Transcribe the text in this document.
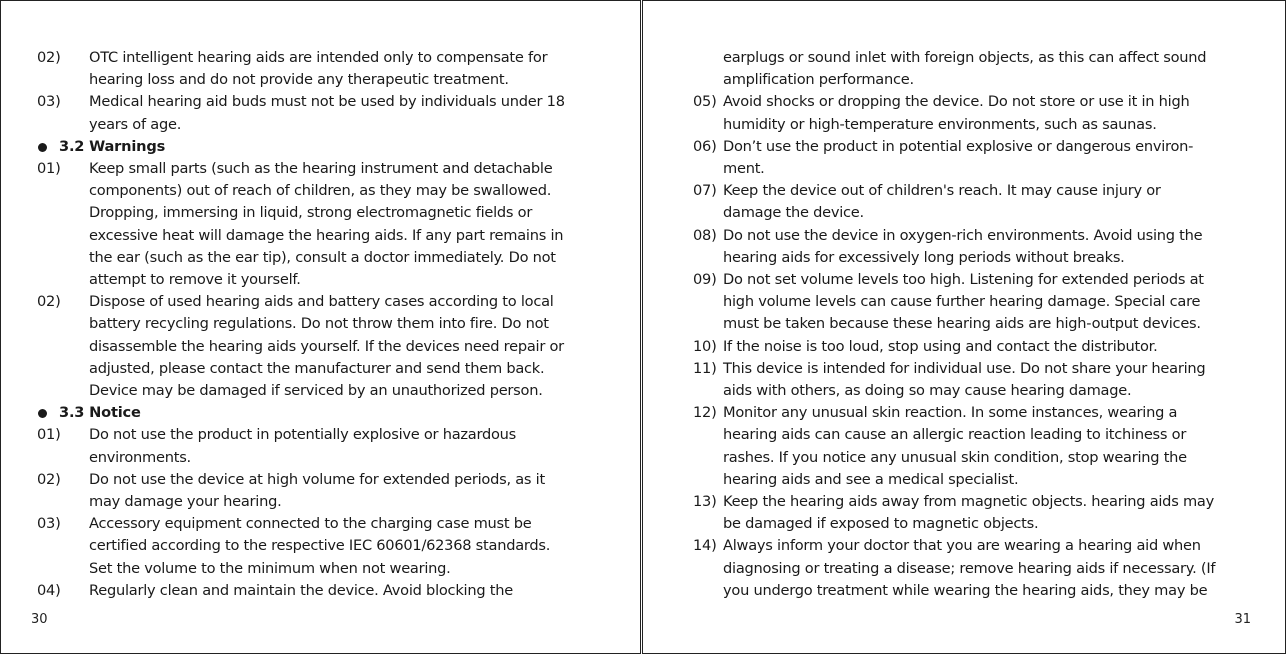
02)	OTC intelligent hearing aids are intended only to compensate for
hearing loss and do not provide any therapeutic treatment.
03)	Medical hearing aid buds must not be used by individuals under 18
years of age.
3.2 Warnings
01)	Keep small parts (such as the hearing instrument and detachable
components) out of reach of children, as they may be swallowed.
Dropping, immersing in liquid, strong electromagnetic fields or
excessive heat will damage the hearing aids. If any part remains in
the ear (such as the ear tip), consult a doctor immediately. Do not
attempt to remove it yourself.
02)	Dispose of used hearing aids and battery cases according to local
battery recycling regulations. Do not throw them into fire. Do not
disassemble the hearing aids yourself. If the devices need repair or
adjusted, please contact the manufacturer and send them back.
Device may be damaged if serviced by an unauthorized person.
3.3 Notice
01)	Do not use the product in potentially explosive or hazardous
environments.
02)	Do not use the device at high volume for extended periods, as it
may damage your hearing.
03)	Accessory equipment connected to the charging case must be
certified according to the respective IEC 60601/62368 standards.
Set the volume to the minimum when not wearing.
04)	Regularly clean and maintain the device. Avoid blocking the
30
earplugs or sound inlet with foreign objects, as this can affect sound
amplification performance.
05) Avoid shocks or dropping the device. Do not store or use it in high
humidity or high-temperature environments, such as saunas.
06) Don’t use the product in potential explosive or dangerous environ-
ment.
07) Keep the device out of children's reach. It may cause injury or
damage the device.
08) Do not use the device in oxygen-rich environments. Avoid using the
hearing aids for excessively long periods without breaks.
09) Do not set volume levels too high. Listening for extended periods at
high volume levels can cause further hearing damage. Special care
must be taken because these hearing aids are high-output devices.
10) If the noise is too loud, stop using and contact the distributor.
11) This device is intended for individual use. Do not share your hearing
aids with others, as doing so may cause hearing damage.
12) Monitor any unusual skin reaction. In some instances, wearing a
hearing aids can cause an allergic reaction leading to itchiness or
rashes. If you notice any unusual skin condition, stop wearing the
hearing aids and see a medical specialist.
13) Keep the hearing aids away from magnetic objects. hearing aids may
be damaged if exposed to magnetic objects.
14) Always inform your doctor that you are wearing a hearing aid when
diagnosing or treating a disease; remove hearing aids if necessary. (If
you undergo treatment while wearing the hearing aids, they may be
31
